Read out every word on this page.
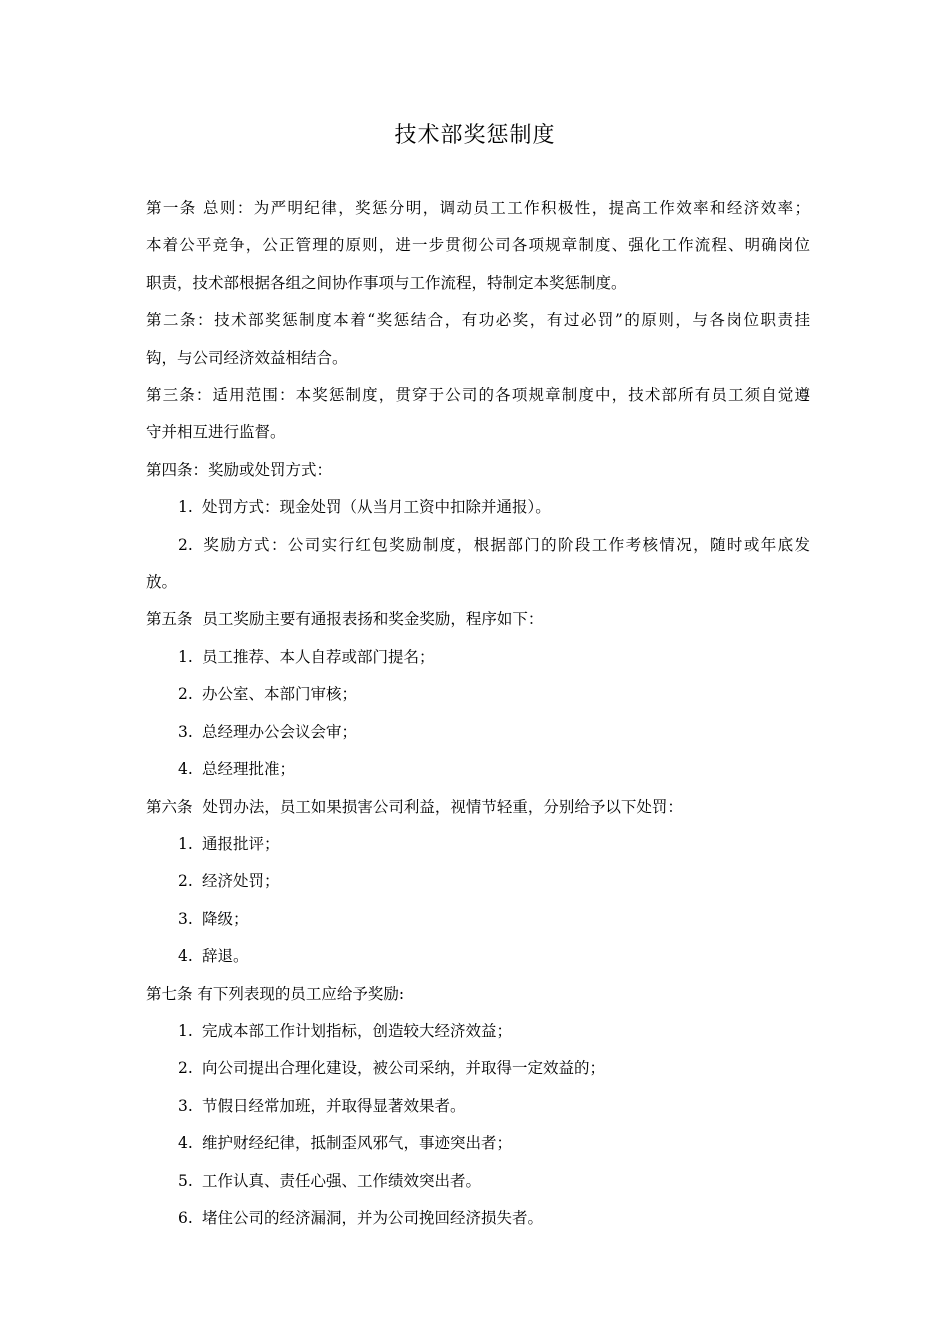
技术部奖惩制度

第一条 总则：为严明纪律，奖惩分明，调动员工工作积极性，提高工作效率和经济效率；

本着公平竞争，公正管理的原则，进一步贯彻公司各项规章制度、强化工作流程、明确岗位

职责，技术部根据各组之间协作事项与工作流程，特制定本奖惩制度。

第二条：技术部奖惩制度本着“奖惩结合，有功必奖，有过必罚”的原则，与各岗位职责挂

钩，与公司经济效益相结合。

第三条：适用范围：本奖惩制度，贯穿于公司的各项规章制度中，技术部所有员工须自觉遵

守并相互进行监督。

第四条：奖励或处罚方式：

1. 处罚方式：现金处罚（从当月工资中扣除并通报）。

2. 奖励方式：公司实行红包奖励制度，根据部门的阶段工作考核情况，随时或年底发

放。

第五条  员工奖励主要有通报表扬和奖金奖励，程序如下：

1. 员工推荐、本人自荐或部门提名；

2. 办公室、本部门审核；

3. 总经理办公会议会审；

4. 总经理批准；

第六条  处罚办法，员工如果损害公司利益，视情节轻重，分别给予以下处罚：

1. 通报批评；

2. 经济处罚；

3. 降级；

4. 辞退。

第七条 有下列表现的员工应给予奖励:

1. 完成本部工作计划指标，创造较大经济效益；

2. 向公司提出合理化建设，被公司采纳，并取得一定效益的；

3. 节假日经常加班，并取得显著效果者。

4. 维护财经纪律，抵制歪风邪气，事迹突出者；

5. 工作认真、责任心强、工作绩效突出者。

6. 堵住公司的经济漏洞，并为公司挽回经济损失者。
